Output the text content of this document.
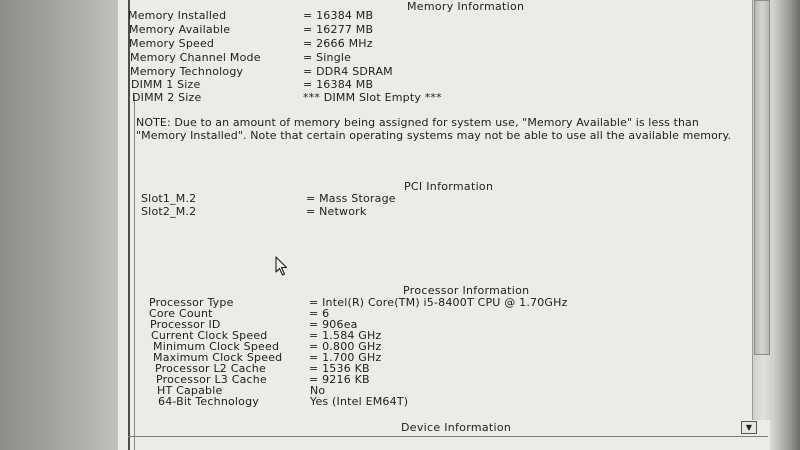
Memory Information
Memory Installed	= 16384 MB
Memory Available	= 16277 MB
Memory Speed	= 2666 MHz
Memory Channel Mode	= Single
Memory Technology	= DDR4 SDRAM
DIMM 1 Size	= 16384 MB
DIMM 2 Size	*** DIMM Slot Empty ***
NOTE: Due to an amount of memory being assigned for system use, "Memory Available" is less than "Memory Installed". Note that certain operating systems may not be able to use all the available memory.
PCI Information
Slot1_M.2	= Mass Storage
Slot2_M.2	= Network
Processor Information
Processor Type	= Intel(R) Core(TM) i5-8400T CPU @ 1.70GHz
Core Count	= 6
Processor ID	= 906ea
Current Clock Speed	= 1.584 GHz
Minimum Clock Speed	= 0.800 GHz
Maximum Clock Speed = 1.700 GHz
Processor L2 Cache	= 1536 KB
Processor L3 Cache	= 9216 KB
HT Capable	No
64-Bit Technology	Yes (Intel EM64T)
Device Information	▼
